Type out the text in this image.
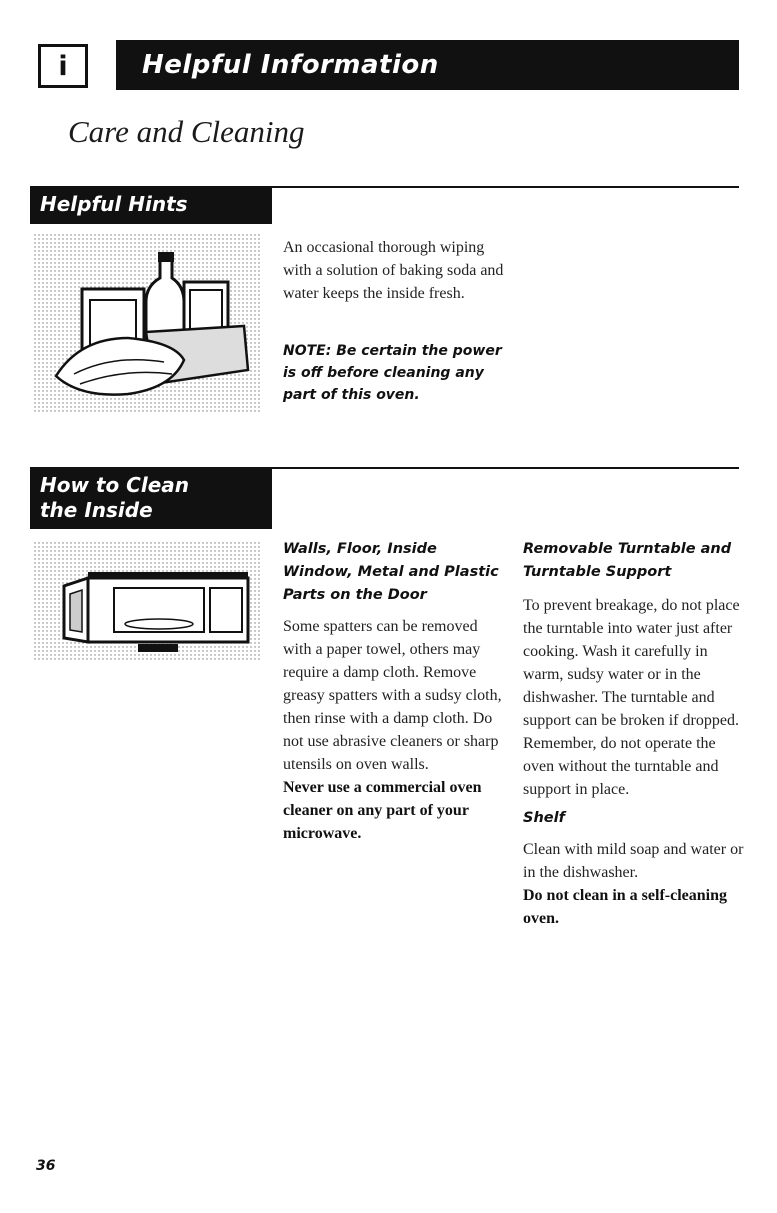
i	Helpful Information
Care and Cleaning
Helpful Hints
An occasional thorough wiping with a solution of baking soda and water keeps the inside fresh.
NOTE: Be certain the power is off before cleaning any part of this oven.
How to Clean
the Inside
Walls, Floor, Inside Window, Metal and Plastic Parts on the Door
Some spatters can be removed with a paper towel, others may require a damp cloth. Remove greasy spatters with a sudsy cloth, then rinse with a damp cloth. Do not use abrasive cleaners or sharp utensils on oven walls.
Never use a commercial oven cleaner on any part of your microwave.
Removable Turntable and Turntable Support
To prevent breakage, do not place the turntable into water just after cooking. Wash it carefully in warm, sudsy water or in the dishwasher. The turntable and support can be broken if dropped. Remember, do not operate the oven without the turntable and support in place.
Shelf
Clean with mild soap and water or in the dishwasher.
Do not clean in a self-cleaning oven.
36
